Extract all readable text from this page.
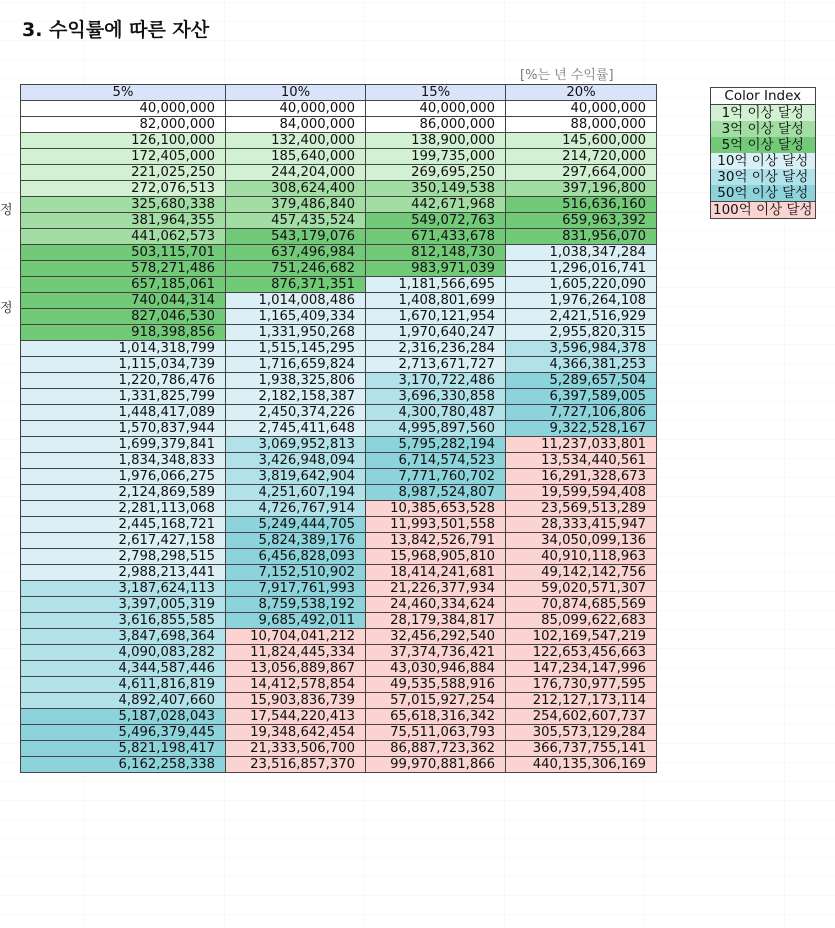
3. 수익률에 따른 자산
[%는 년 수익률]
정
정
5%	10%	15%	20%
40,000,000	40,000,000	40,000,000	40,000,000
82,000,000	84,000,000	86,000,000	88,000,000
126,100,000	132,400,000	138,900,000	145,600,000
172,405,000	185,640,000	199,735,000	214,720,000
221,025,250	244,204,000	269,695,250	297,664,000
272,076,513	308,624,400	350,149,538	397,196,800
325,680,338	379,486,840	442,671,968	516,636,160
381,964,355	457,435,524	549,072,763	659,963,392
441,062,573	543,179,076	671,433,678	831,956,070
503,115,701	637,496,984	812,148,730	1,038,347,284
578,271,486	751,246,682	983,971,039	1,296,016,741
657,185,061	876,371,351	1,181,566,695	1,605,220,090
740,044,314	1,014,008,486	1,408,801,699	1,976,264,108
827,046,530	1,165,409,334	1,670,121,954	2,421,516,929
918,398,856	1,331,950,268	1,970,640,247	2,955,820,315
1,014,318,799	1,515,145,295	2,316,236,284	3,596,984,378
1,115,034,739	1,716,659,824	2,713,671,727	4,366,381,253
1,220,786,476	1,938,325,806	3,170,722,486	5,289,657,504
1,331,825,799	2,182,158,387	3,696,330,858	6,397,589,005
1,448,417,089	2,450,374,226	4,300,780,487	7,727,106,806
1,570,837,944	2,745,411,648	4,995,897,560	9,322,528,167
1,699,379,841	3,069,952,813	5,795,282,194	11,237,033,801
1,834,348,833	3,426,948,094	6,714,574,523	13,534,440,561
1,976,066,275	3,819,642,904	7,771,760,702	16,291,328,673
2,124,869,589	4,251,607,194	8,987,524,807	19,599,594,408
2,281,113,068	4,726,767,914	10,385,653,528	23,569,513,289
2,445,168,721	5,249,444,705	11,993,501,558	28,333,415,947
2,617,427,158	5,824,389,176	13,842,526,791	34,050,099,136
2,798,298,515	6,456,828,093	15,968,905,810	40,910,118,963
2,988,213,441	7,152,510,902	18,414,241,681	49,142,142,756
3,187,624,113	7,917,761,993	21,226,377,934	59,020,571,307
3,397,005,319	8,759,538,192	24,460,334,624	70,874,685,569
3,616,855,585	9,685,492,011	28,179,384,817	85,099,622,683
3,847,698,364	10,704,041,212	32,456,292,540	102,169,547,219
4,090,083,282	11,824,445,334	37,374,736,421	122,653,456,663
4,344,587,446	13,056,889,867	43,030,946,884	147,234,147,996
4,611,816,819	14,412,578,854	49,535,588,916	176,730,977,595
4,892,407,660	15,903,836,739	57,015,927,254	212,127,173,114
5,187,028,043	17,544,220,413	65,618,316,342	254,602,607,737
5,496,379,445	19,348,642,454	75,511,063,793	305,573,129,284
5,821,198,417	21,333,506,700	86,887,723,362	366,737,755,141
6,162,258,338	23,516,857,370	99,970,881,866	440,135,306,169
Color Index
1억 이상 달성
3억 이상 달성
5억 이상 달성
10억 이상 달성
30억 이상 달성
50억 이상 달성
100억 이상 달성
